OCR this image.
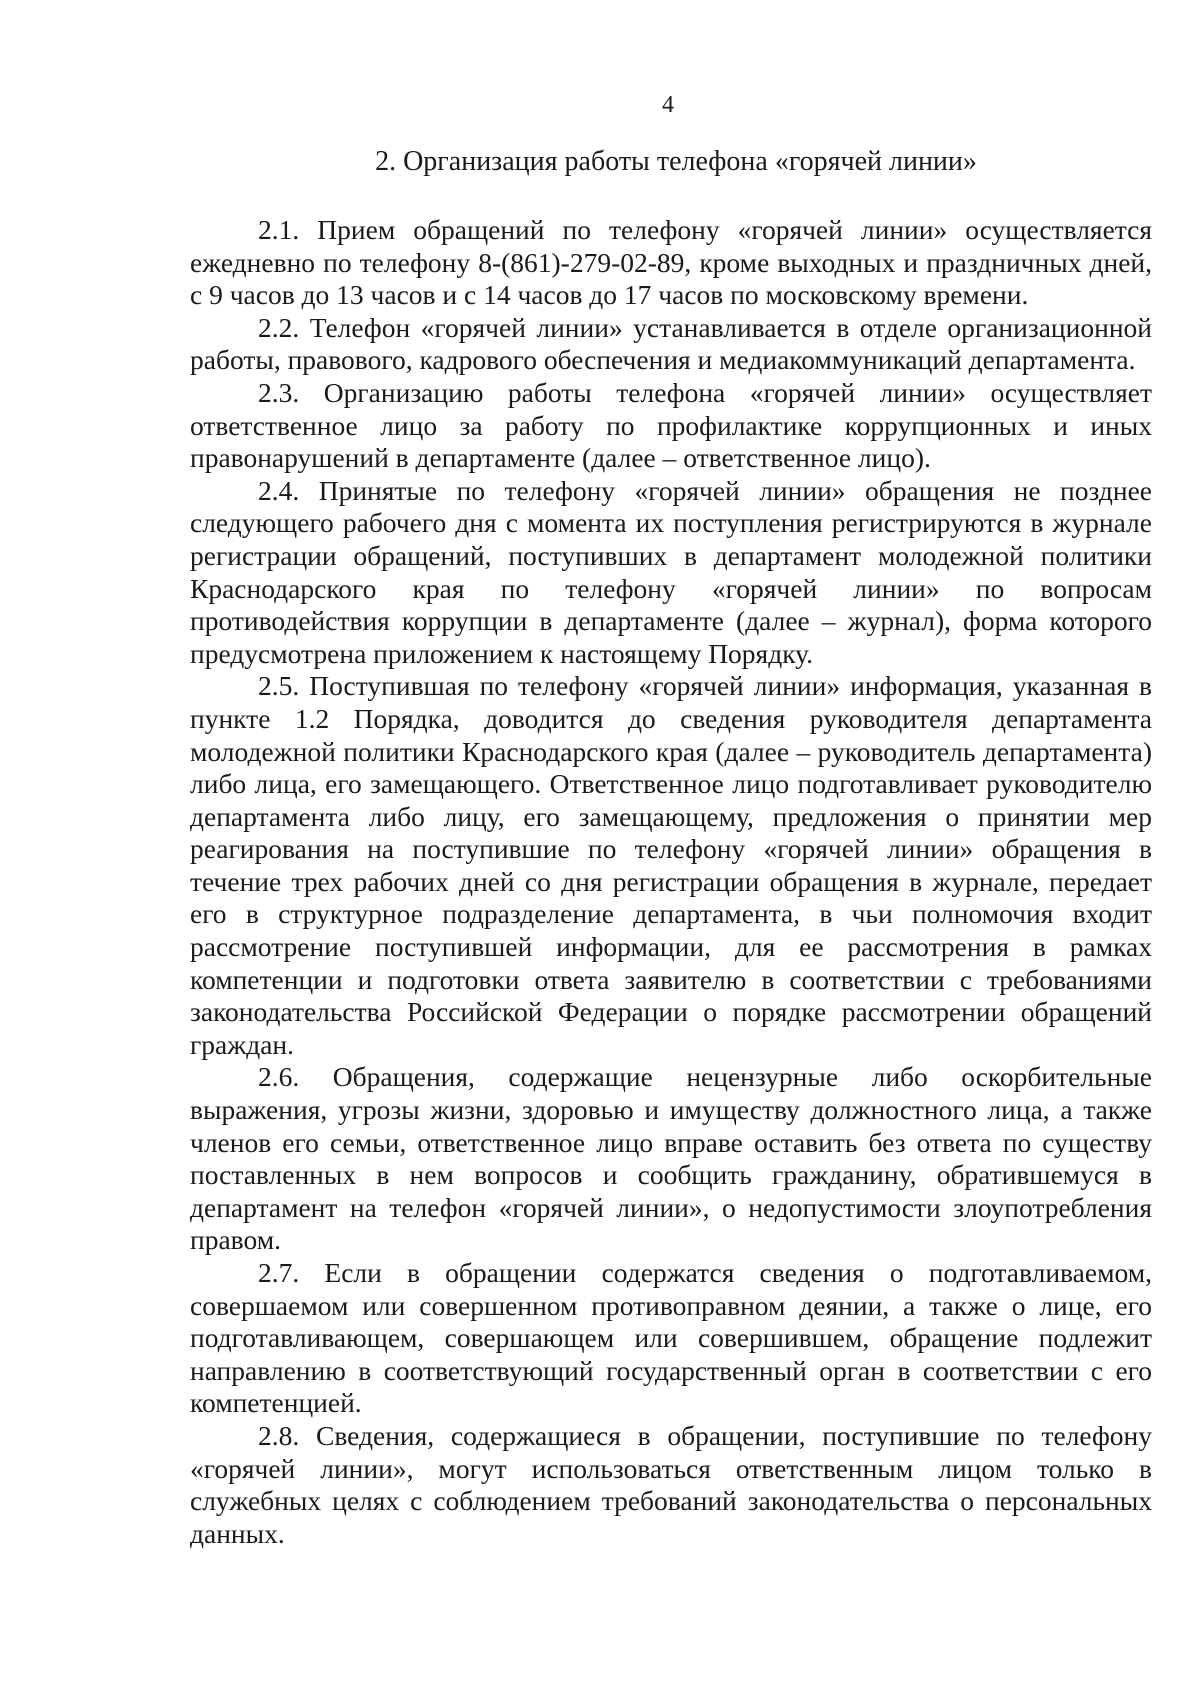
4
2. Организация работы телефона «горячей линии»

2.1. Прием обращений по телефону «горячей линии» осуществляется ежедневно по телефону 8-(861)-279-02-89, кроме выходных и праздничных дней, с 9 часов до 13 часов и с 14 часов до 17 часов по московскому времени.

2.2. Телефон «горячей линии» устанавливается в отделе организационной работы, правового, кадрового обеспечения и медиакоммуникаций департамента.

2.3. Организацию работы телефона «горячей линии» осуществляет ответственное лицо за работу по профилактике коррупционных и иных правонарушений в департаменте (далее – ответственное лицо).

2.4. Принятые по телефону «горячей линии» обращения не позднее следующего рабочего дня с момента их поступления регистрируются в журнале регистрации обращений, поступивших в департамент молодежной политики Краснодарского края по телефону «горячей линии» по вопросам противодействия коррупции в департаменте (далее – журнал), форма которого предусмотрена приложением к настоящему Порядку.

2.5. Поступившая по телефону «горячей линии» информация, указанная в пункте 1.2 Порядка, доводится до сведения руководителя департамента молодежной политики Краснодарского края (далее – руководитель департамента) либо лица, его замещающего. Ответственное лицо подготавливает руководителю департамента либо лицу, его замещающему, предложения о принятии мер реагирования на поступившие по телефону «горячей линии» обращения в течение трех рабочих дней со дня регистрации обращения в журнале, передает его в структурное подразделение департамента, в чьи полномочия входит рассмотрение поступившей информации, для ее рассмотрения в рамках компетенции и подготовки ответа заявителю в соответствии с требованиями законодательства Российской Федерации о порядке рассмотрении обращений граждан.

2.6. Обращения, содержащие нецензурные либо оскорбительные выражения, угрозы жизни, здоровью и имуществу должностного лица, а также членов его семьи, ответственное лицо вправе оставить без ответа по существу поставленных в нем вопросов и сообщить гражданину, обратившемуся в департамент на телефон «горячей линии», о недопустимости злоупотребления правом.

2.7. Если в обращении содержатся сведения о подготавливаемом, совершаемом или совершенном противоправном деянии, а также о лице, его подготавливающем, совершающем или совершившем, обращение подлежит направлению в соответствующий государственный орган в соответствии с его компетенцией.

2.8. Сведения, содержащиеся в обращении, поступившие по телефону «горячей линии», могут использоваться ответственным лицом только в служебных целях с соблюдением требований законодательства о персональных данных.
